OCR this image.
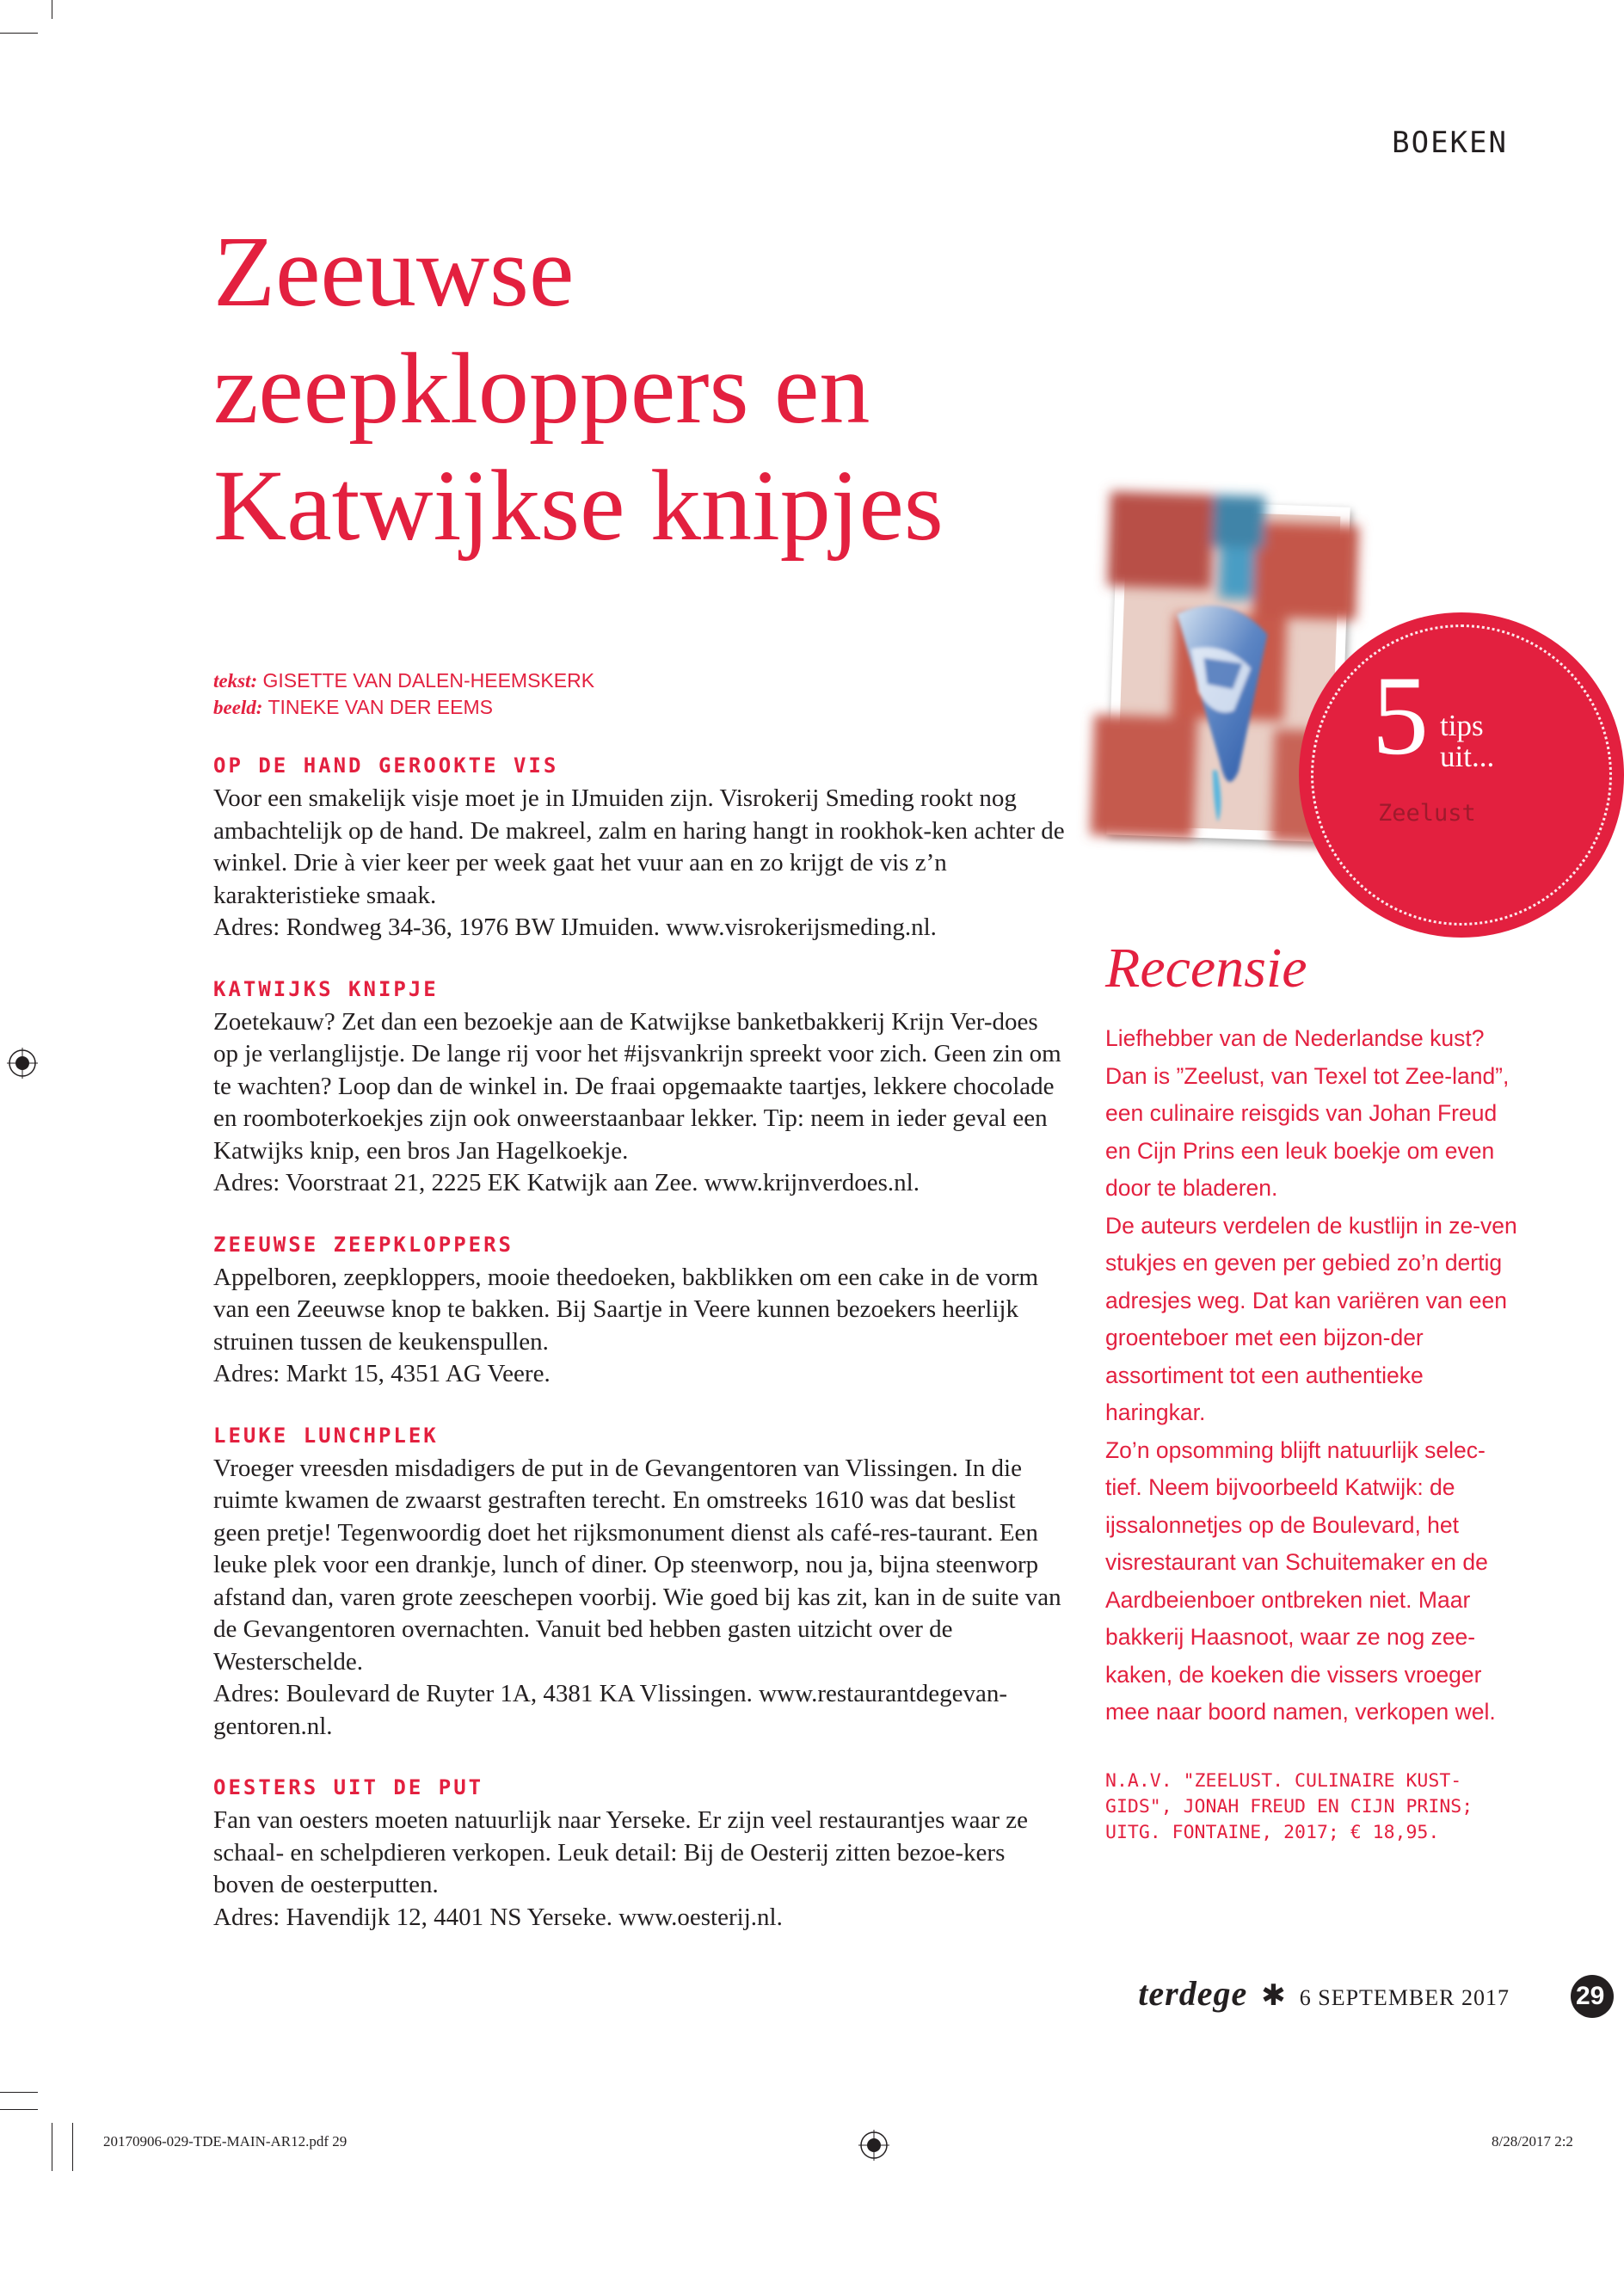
BOEKEN
Zeeuwse
zeepkloppers en
Katwijkse knipjes
tekst: GISETTE VAN DALEN-HEEMSKERK
beeld: TINEKE VAN DER EEMS
OP DE HAND GEROOKTE VIS

Voor een smakelijk visje moet je in IJmuiden zijn. Visrokerij Smeding rookt nog ambachtelijk op de hand. De makreel, zalm en haring hangt in rookhok-ken achter de winkel. Drie à vier keer per week gaat het vuur aan en zo krijgt de vis z’n karakteristieke smaak.

Adres: Rondweg 34-36, 1976 BW IJmuiden. www.visrokerijsmeding.nl.

KATWIJKS KNIPJE

Zoetekauw? Zet dan een bezoekje aan de Katwijkse banketbakkerij Krijn Ver-does op je verlanglijstje. De lange rij voor het #ijsvankrijn spreekt voor zich. Geen zin om te wachten? Loop dan de winkel in. De fraai opgemaakte taartjes, lekkere chocolade en roomboterkoekjes zijn ook onweerstaanbaar lekker. Tip: neem in ieder geval een Katwijks knip, een bros Jan Hagelkoekje.

Adres: Voorstraat 21, 2225 EK Katwijk aan Zee. www.krijnverdoes.nl.

ZEEUWSE ZEEPKLOPPERS

Appelboren, zeepkloppers, mooie theedoeken, bakblikken om een cake in de vorm van een Zeeuwse knop te bakken. Bij Saartje in Veere kunnen bezoekers heerlijk struinen tussen de keukenspullen.

Adres: Markt 15, 4351 AG Veere.

LEUKE LUNCHPLEK

Vroeger vreesden misdadigers de put in de Gevangentoren van Vlissingen. In die ruimte kwamen de zwaarst gestraften terecht. En omstreeks 1610 was dat beslist geen pretje! Tegenwoordig doet het rijksmonument dienst als café-res-taurant. Een leuke plek voor een drankje, lunch of diner. Op steenworp, nou ja, bijna steenworp afstand dan, varen grote zeeschepen voorbij. Wie goed bij kas zit, kan in de suite van de Gevangentoren overnachten. Vanuit bed hebben gasten uitzicht over de Westerschelde.

Adres: Boulevard de Ruyter 1A, 4381 KA Vlissingen. www.restaurantdegevan-gentoren.nl.

OESTERS UIT DE PUT

Fan van oesters moeten natuurlijk naar Yerseke. Er zijn veel restaurantjes waar ze schaal- en schelpdieren verkopen. Leuk detail: Bij de Oesterij zitten bezoe-kers boven de oesterputten.

Adres: Havendijk 12, 4401 NS Yerseke. www.oesterij.nl.

5 tips
uit...
Zeelust
Recensie

Liefhebber van de Nederlandse kust? Dan is ”Zeelust, van Texel tot Zee-land”, een culinaire reisgids van Johan Freud en Cijn Prins een leuk boekje om even door te bladeren.

De auteurs verdelen de kustlijn in ze-ven stukjes en geven per gebied zo’n dertig adresjes weg. Dat kan variëren van een groenteboer met een bijzon-der assortiment tot een authentieke haringkar.

Zo’n opsomming blijft natuurlijk selec-tief. Neem bijvoorbeeld Katwijk: de ijssalonnetjes op de Boulevard, het visrestaurant van Schuitemaker en de Aardbeienboer ontbreken niet. Maar bakkerij Haasnoot, waar ze nog zee-kaken, de koeken die vissers vroeger mee naar boord namen, verkopen wel.

N.A.V. "ZEELUST. CULINAIRE KUST-GIDS", JONAH FREUD EN CIJN PRINS; UITG. FONTAINE, 2017; € 18,95.
terdege ✱ 6 SEPTEMBER 2017	29
20170906-029-TDE-MAIN-AR12.pdf 29	8/28/2017 2:2
